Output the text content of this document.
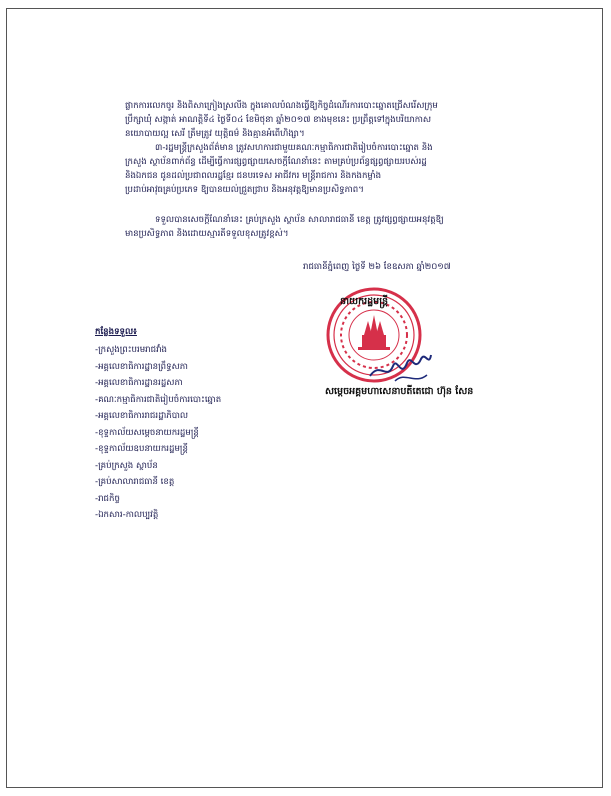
ផ្លាកការលេកចូរ និងពិសាក្រៀងស្រលីង ក្នុងគោលបំណងធ្វើឱ្យកិច្ចដំណើរការបោះឆ្នោតជ្រើសរើសក្រុម
ប្រឹក្សាឃុំ សង្កាត់ អាណត្តិទី៤ ថ្ងៃទី០៤ ខែមិថុនា ឆ្នាំ២០១៧ ខាងមុខនេះ ប្រព្រឹត្តទៅក្នុងបរិយាកាស
នយោបាយល្អ សេរី ត្រឹមត្រូវ យុត្តិធម៌ និងគ្មានអំពើហិង្សា។
៣-រដ្ឋមន្ត្រីក្រសួងព័ត៌មាន ត្រូវសហការជាមួយគណៈកម្មាធិការជាតិរៀបចំការបោះឆ្នោត និង
ក្រសួង ស្ថាប័នពាក់ព័ន្ធ ដើម្បីធ្វើការផ្សព្វផ្សាយសេចក្តីណែនាំនេះ តាមគ្រប់ប្រព័ន្ធផ្សព្វផ្សាយរបស់រដ្ឋ
និងឯកជន ជូនដល់ប្រជាពលរដ្ឋខ្មែរ ជនបរទេស អាជីវករ មន្ត្រីរាជការ និងកងកម្លាំង
ប្រដាប់អាវុធគ្រប់ប្រភេទ ឱ្យបានយល់ជ្រួតជ្រាប និងអនុវត្តឱ្យមានប្រសិទ្ធភាព។
ទទួលបានសេចក្តីណែនាំនេះ គ្រប់ក្រសួង ស្ថាប័ន សាលារាជធានី ខេត្ត ត្រូវផ្សព្វផ្សាយអនុវត្តឱ្យ
មានប្រសិទ្ធភាព និងដោយស្មារតីទទួលខុសត្រូវខ្ពស់។
រាជធានីភ្នំពេញ ថ្ងៃទី ២៦ ខែឧសភា ឆ្នាំ២០១៧
នាយករដ្ឋមន្ត្រី
សម្តេចអគ្គមហាសេនាបតីតេជោ ហ៊ុន សែន
កន្លែងទទួល៖
-ក្រសួងព្រះបរមរាជវាំង
-អគ្គលេខាធិការដ្ឋានព្រឹទ្ធសភា
-អគ្គលេខាធិការដ្ឋានរដ្ឋសភា
-គណៈកម្មាធិការជាតិរៀបចំការបោះឆ្នោត
-អគ្គលេខាធិការរាជរដ្ឋាភិបាល
-ខុទ្ទកាល័យសម្តេចនាយករដ្ឋមន្ត្រី
-ខុទ្ទកាល័យឧបនាយករដ្ឋមន្ត្រី
-គ្រប់ក្រសួង ស្ថាប័ន
-គ្រប់សាលារាជធានី ខេត្ត
-រាជកិច្ច
-ឯកសារ-កាលប្បវត្តិ
